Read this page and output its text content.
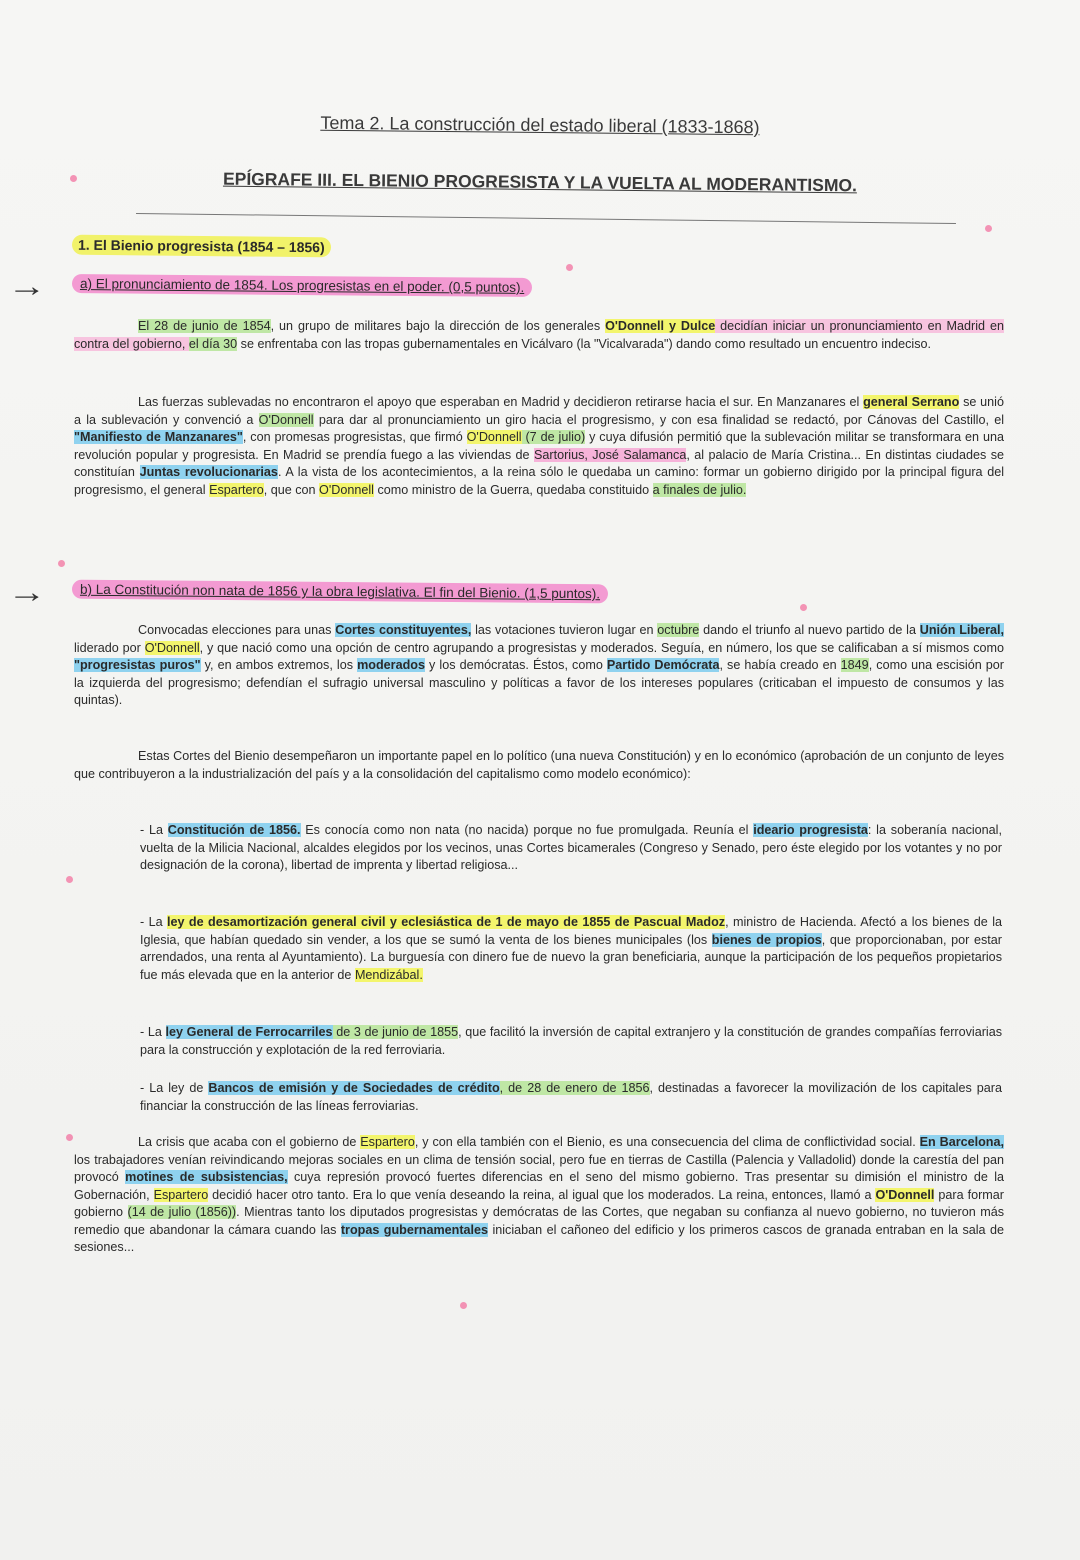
Tema 2. La construcción del estado liberal (1833-1868)
EPÍGRAFE III. EL BIENIO PROGRESISTA Y LA VUELTA AL MODERANTISMO.
1. El Bienio progresista (1854 – 1856)
→	a) El pronunciamiento de 1854. Los progresistas en el poder. (0,5 puntos).
El 28 de junio de 1854, un grupo de militares bajo la dirección de los generales O'Donnell y Dulce decidían iniciar un pronunciamiento en Madrid en contra del gobierno, el día 30 se enfrentaba con las tropas gubernamentales en Vicálvaro (la "Vicalvarada") dando como resultado un encuentro indeciso.
Las fuerzas sublevadas no encontraron el apoyo que esperaban en Madrid y decidieron retirarse hacia el sur. En Manzanares el general Serrano se unió a la sublevación y convenció a O'Donnell para dar al pronunciamiento un giro hacia el progresismo, y con esa finalidad se redactó, por Cánovas del Castillo, el "Manifiesto de Manzanares", con promesas progresistas, que firmó O'Donnell (7 de julio) y cuya difusión permitió que la sublevación militar se transformara en una revolución popular y progresista. En Madrid se prendía fuego a las viviendas de Sartorius, José Salamanca, al palacio de María Cristina... En distintas ciudades se constituían Juntas revolucionarias. A la vista de los acontecimientos, a la reina sólo le quedaba un camino: formar un gobierno dirigido por la principal figura del progresismo, el general Espartero, que con O'Donnell como ministro de la Guerra, quedaba constituido a finales de julio.
→	b) La Constitución non nata de 1856 y la obra legislativa. El fin del Bienio. (1,5 puntos).
Convocadas elecciones para unas Cortes constituyentes, las votaciones tuvieron lugar en octubre dando el triunfo al nuevo partido de la Unión Liberal, liderado por O'Donnell, y que nació como una opción de centro agrupando a progresistas y moderados. Seguía, en número, los que se calificaban a sí mismos como "progresistas puros" y, en ambos extremos, los moderados y los demócratas. Éstos, como Partido Demócrata, se había creado en 1849, como una escisión por la izquierda del progresismo; defendían el sufragio universal masculino y políticas a favor de los intereses populares (criticaban el impuesto de consumos y las quintas).
Estas Cortes del Bienio desempeñaron un importante papel en lo político (una nueva Constitución) y en lo económico (aprobación de un conjunto de leyes que contribuyeron a la industrialización del país y a la consolidación del capitalismo como modelo económico):
- La Constitución de 1856. Es conocía como non nata (no nacida) porque no fue promulgada. Reunía el ideario progresista: la soberanía nacional, vuelta de la Milicia Nacional, alcaldes elegidos por los vecinos, unas Cortes bicamerales (Congreso y Senado, pero éste elegido por los votantes y no por designación de la corona), libertad de imprenta y libertad religiosa...
- La ley de desamortización general civil y eclesiástica de 1 de mayo de 1855 de Pascual Madoz, ministro de Hacienda. Afectó a los bienes de la Iglesia, que habían quedado sin vender, a los que se sumó la venta de los bienes municipales (los bienes de propios, que proporcionaban, por estar arrendados, una renta al Ayuntamiento). La burguesía con dinero fue de nuevo la gran beneficiaria, aunque la participación de los pequeños propietarios fue más elevada que en la anterior de Mendizábal.
- La ley General de Ferrocarriles de 3 de junio de 1855, que facilitó la inversión de capital extranjero y la constitución de grandes compañías ferroviarias para la construcción y explotación de la red ferroviaria.
- La ley de Bancos de emisión y de Sociedades de crédito, de 28 de enero de 1856, destinadas a favorecer la movilización de los capitales para financiar la construcción de las líneas ferroviarias.
La crisis que acaba con el gobierno de Espartero, y con ella también con el Bienio, es una consecuencia del clima de conflictividad social. En Barcelona, los trabajadores venían reivindicando mejoras sociales en un clima de tensión social, pero fue en tierras de Castilla (Palencia y Valladolid) donde la carestía del pan provocó motines de subsistencias, cuya represión provocó fuertes diferencias en el seno del mismo gobierno. Tras presentar su dimisión el ministro de la Gobernación, Espartero decidió hacer otro tanto. Era lo que venía deseando la reina, al igual que los moderados. La reina, entonces, llamó a O'Donnell para formar gobierno (14 de julio (1856)). Mientras tanto los diputados progresistas y demócratas de las Cortes, que negaban su confianza al nuevo gobierno, no tuvieron más remedio que abandonar la cámara cuando las tropas gubernamentales iniciaban el cañoneo del edificio y los primeros cascos de granada entraban en la sala de sesiones...
